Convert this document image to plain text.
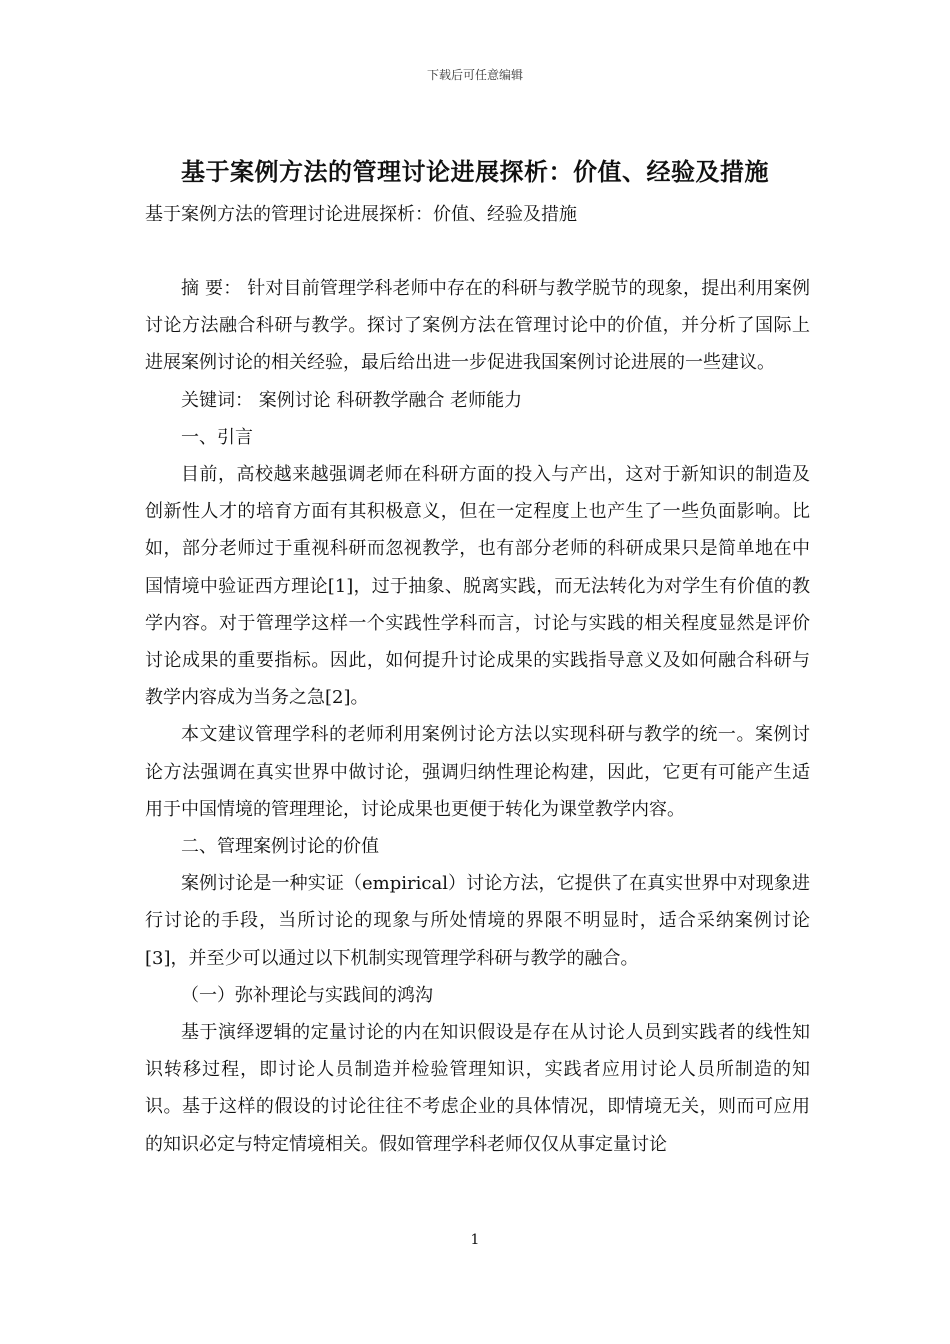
下载后可任意编辑
基于案例方法的管理讨论进展探析：价值、经验及措施
基于案例方法的管理讨论进展探析：价值、经验及措施

摘 要： 针对目前管理学科老师中存在的科研与教学脱节的现象，提出利用案例讨论方法融合科研与教学。探讨了案例方法在管理讨论中的价值，并分析了国际上进展案例讨论的相关经验，最后给出进一步促进我国案例讨论进展的一些建议。

关键词： 案例讨论 科研教学融合 老师能力

一、引言

目前，高校越来越强调老师在科研方面的投入与产出，这对于新知识的制造及创新性人才的培育方面有其积极意义，但在一定程度上也产生了一些负面影响。比如，部分老师过于重视科研而忽视教学，也有部分老师的科研成果只是简单地在中国情境中验证西方理论[1]，过于抽象、脱离实践，而无法转化为对学生有价值的教学内容。对于管理学这样一个实践性学科而言，讨论与实践的相关程度显然是评价讨论成果的重要指标。因此，如何提升讨论成果的实践指导意义及如何融合科研与教学内容成为当务之急[2]。

本文建议管理学科的老师利用案例讨论方法以实现科研与教学的统一。案例讨论方法强调在真实世界中做讨论，强调归纳性理论构建，因此，它更有可能产生适用于中国情境的管理理论，讨论成果也更便于转化为课堂教学内容。

二、管理案例讨论的价值

案例讨论是一种实证（empirical）讨论方法，它提供了在真实世界中对现象进行讨论的手段，当所讨论的现象与所处情境的界限不明显时，适合采纳案例讨论[3]，并至少可以通过以下机制实现管理学科研与教学的融合。

（一）弥补理论与实践间的鸿沟

基于演绎逻辑的定量讨论的内在知识假设是存在从讨论人员到实践者的线性知识转移过程，即讨论人员制造并检验管理知识，实践者应用讨论人员所制造的知识。基于这样的假设的讨论往往不考虑企业的具体情况，即情境无关，则而可应用的知识必定与特定情境相关。假如管理学科老师仅仅从事定量讨论

1
